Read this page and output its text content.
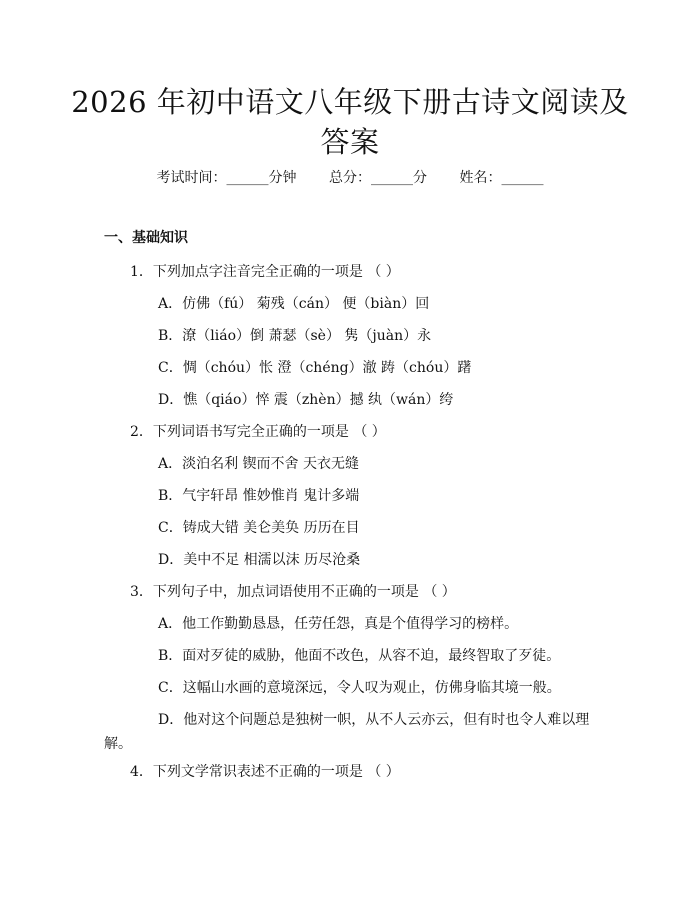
2026 年初中语文八年级下册古诗文阅读及答案
考试时间：______分钟 总分：______分 姓名：______
一、基础知识
1．下列加点字注音完全正确的一项是 （ ）
A．仿佛（fú） 菊残（cán） 便（biàn）回
B．潦（liáo）倒 萧瑟（sè） 隽（juàn）永
C．惆（chóu）怅 澄（chéng）澈 踌（chóu）躇
D．憔（qiáo）悴 震（zhèn）撼 纨（wán）绔
2．下列词语书写完全正确的一项是 （ ）
A．淡泊名利 锲而不舍 天衣无缝
B．气宇轩昂 惟妙惟肖 鬼计多端
C．铸成大错 美仑美奂 历历在目
D．美中不足 相濡以沫 历尽沧桑
3．下列句子中，加点词语使用不正确的一项是 （ ）
A．他工作勤勤恳恳，任劳任怨，真是个值得学习的榜样。
B．面对歹徒的威胁，他面不改色，从容不迫，最终智取了歹徒。
C．这幅山水画的意境深远，令人叹为观止，仿佛身临其境一般。
D．他对这个问题总是独树一帜，从不人云亦云，但有时也令人难以理解。
4．下列文学常识表述不正确的一项是 （ ）
